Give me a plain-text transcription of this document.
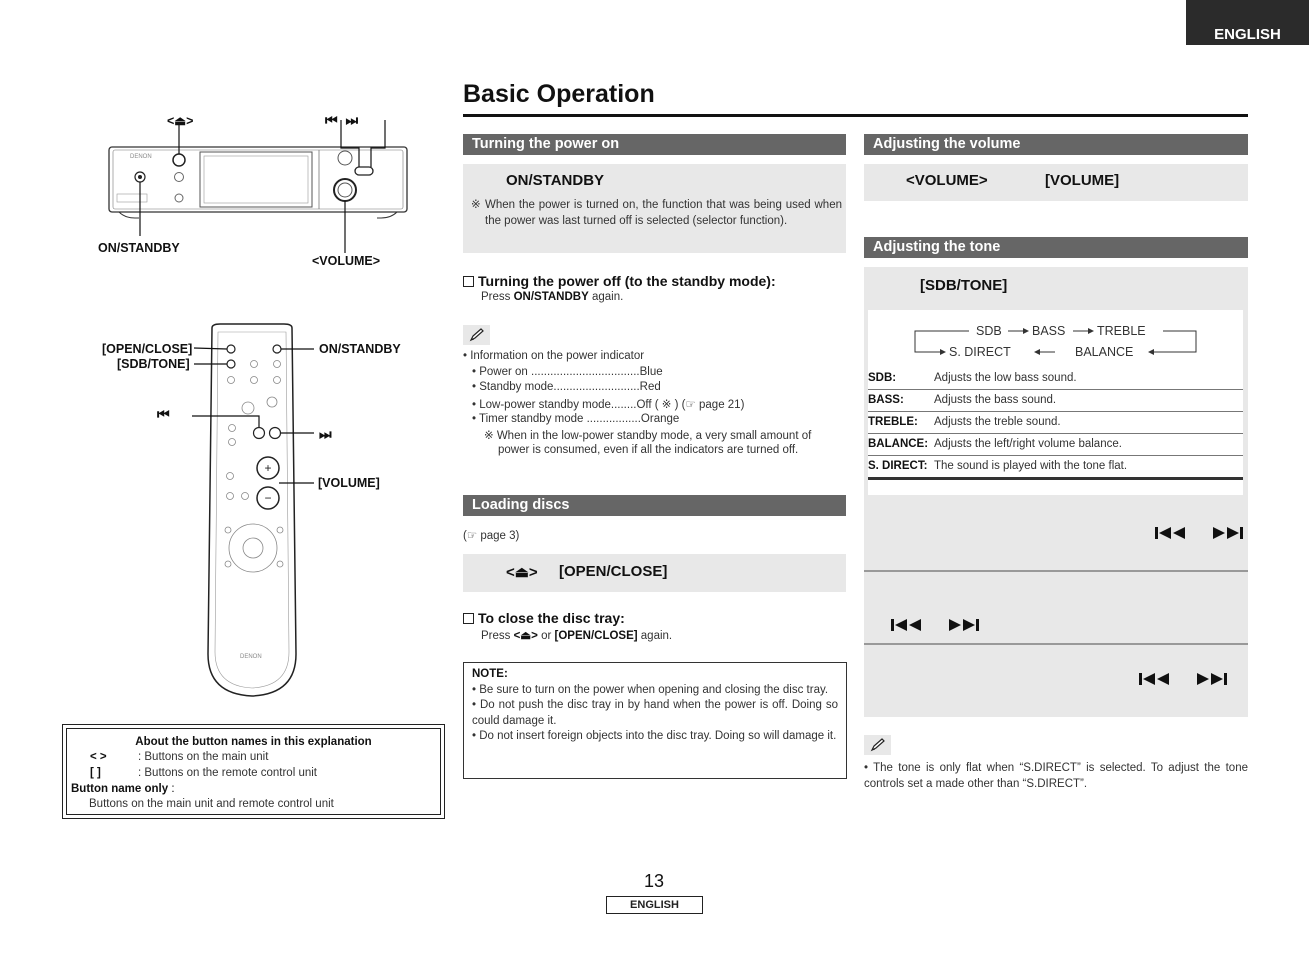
ENGLISH
Basic Operation
<⏏>	⏮ ⏭
ON/STANDBY
<VOLUME>
DENON
+
−
DENON
[OPEN/CLOSE]
[SDB/TONE]
⏮
ON/STANDBY
⏭
[VOLUME]
About the button names in this explanation
< >	: Buttons on the main unit
[ ]	: Buttons on the remote control unit
Button name only :
Buttons on the main unit and remote control unit
Turning the power on
ON/STANDBY
※ When the power is turned on, the function that was being used when the power was last turned off is selected (selector function).
Turning the power off (to the standby mode):
Press ON/STANDBY again.
• Information on the power indicator
• Power on ..................................Blue
• Standby mode...........................Red
• Low-power standby mode........Off ( ※ ) (☞ page 21)
• Timer standby mode .................Orange
※ When in the low-power standby mode, a very small amount of
power is consumed, even if all the indicators are turned off.
Loading discs
(☞ page 3)
<⏏> [OPEN/CLOSE]
To close the disc tray:
Press <⏏> or [OPEN/CLOSE] again.
NOTE:
• Be sure to turn on the power when opening and closing the disc tray.
• Do not push the disc tray in by hand when the power is off. Doing so could damage it.
• Do not insert foreign objects into the disc tray. Doing so will damage it.
Adjusting the volume
<VOLUME>	[VOLUME]
Adjusting the tone
[SDB/TONE]
SDB BASS	TREBLE
S. DIRECT	BALANCE
SDB:	Adjusts the low bass sound.
BASS:	Adjusts the bass sound.
TREBLE:	Adjusts the treble sound.
BALANCE:	Adjusts the left/right volume balance.
S. DIRECT:	The sound is played with the tone flat.
• The tone is only flat when “S.DIRECT” is selected. To adjust the tone controls set a made other than “S.DIRECT”.
13
ENGLISH
